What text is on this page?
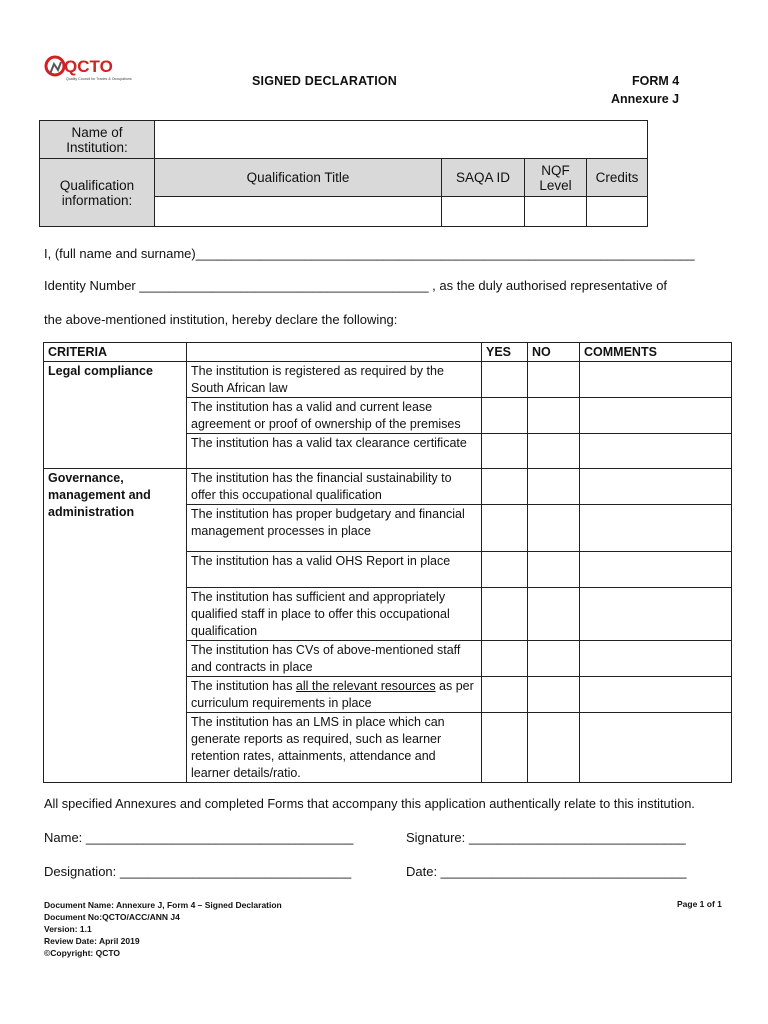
QCTO
Quality Council for Trades & Occupations	SIGNED DECLARATION	FORM 4
Annexure J
Name of Institution:				
Qualification information:	Qualification Title	SAQA ID	NQF Level	Credits

I, (full name and surname)_____________________________________________________________________
Identity Number ________________________________________ , as the duly authorised representative of
the above-mentioned institution, hereby declare the following:
CRITERIA		YES	NO	COMMENTS
Legal compliance	The institution is registered as required by the South African law			
	The institution has a valid and current lease agreement or proof of ownership of the premises			
	The institution has a valid tax clearance certificate			
Governance, management and administration	The institution has the financial sustainability to offer this occupational qualification			
	The institution has proper budgetary and financial management processes in place			
	The institution has a valid OHS Report in place			
	The institution has sufficient and appropriately qualified staff in place to offer this occupational qualification			
	The institution has CVs of above-mentioned staff and contracts in place			
	The institution has all the relevant resources as per curriculum requirements in place			
	The institution has an LMS in place which can generate reports as required, such as learner retention rates, attainments, attendance and learner details/ratio.			
All specified Annexures and completed Forms that accompany this application authentically relate to this institution.
Name: _____________________________________	Signature: ______________________________
Designation: ________________________________	Date: __________________________________
Document Name: Annexure J, Form 4 – Signed Declaration
Document No:QCTO/ACC/ANN J4
Version: 1.1
Review Date: April 2019
©Copyright: QCTO
Page 1 of 1
